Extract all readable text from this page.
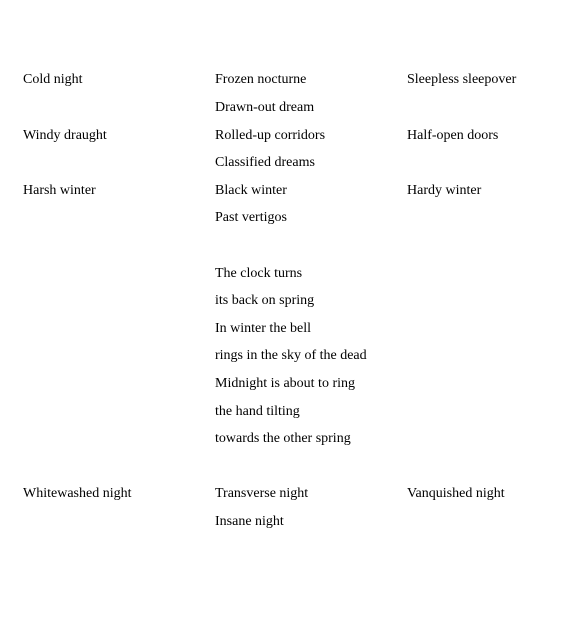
Cold night	Frozen nocturne	Sleepless sleepover
Drawn-out dream
Windy draught	Rolled-up corridors	Half-open doors
Classified dreams
Harsh winter	Black winter	Hardy winter
Past vertigos
The clock turns
its back on spring
In winter the bell
rings in the sky of the dead
Midnight is about to ring
the hand tilting
towards the other spring
Whitewashed night	Transverse night	Vanquished night
Insane night
